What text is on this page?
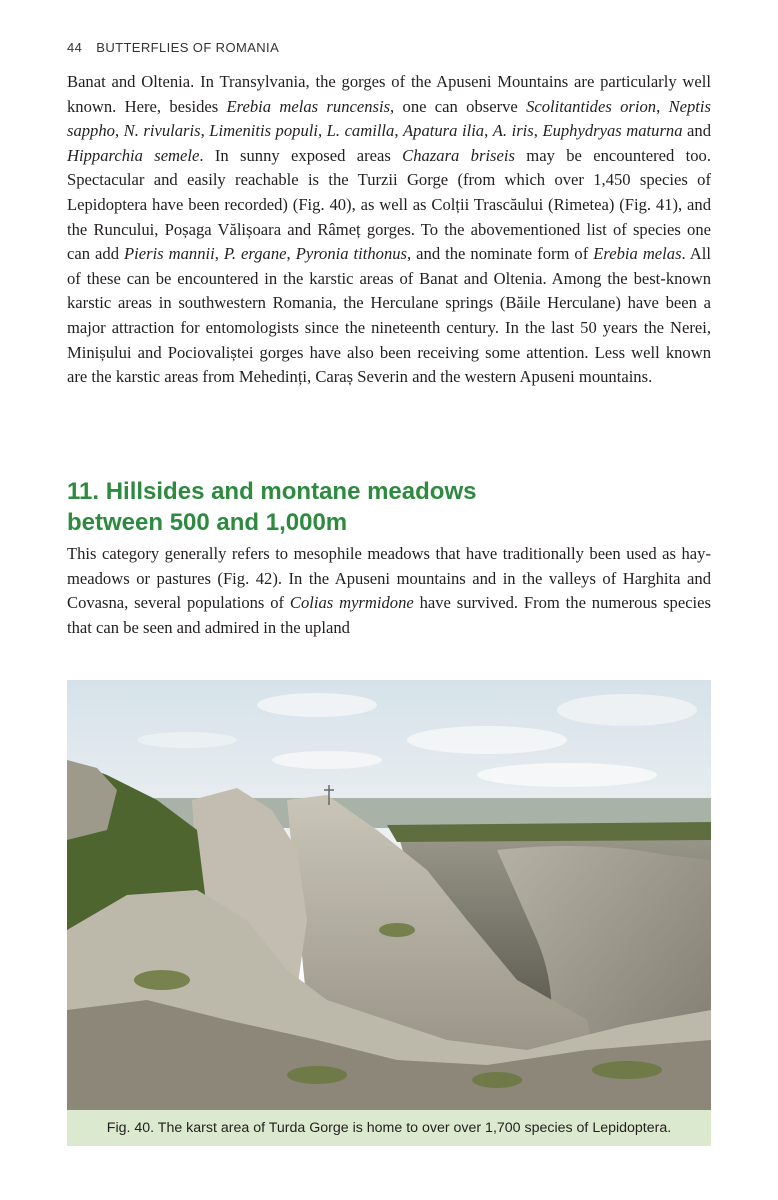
44 BUTTERFLIES OF ROMANIA

Banat and Oltenia. In Transylvania, the gorges of the Apuseni Mountains are particularly well known. Here, besides Erebia melas runcensis, one can observe Scolitantides orion, Neptis sappho, N. rivularis, Limenitis populi, L. camilla, Apatura ilia, A. iris, Euphydryas maturna and Hipparchia semele. In sunny exposed areas Chazara briseis may be encountered too. Spectacular and easily reachable is the Turzii Gorge (from which over 1,450 species of Lepidoptera have been recorded) (Fig. 40), as well as Colții Trascăului (Rimetea) (Fig. 41), and the Runcului, Poșaga Vălișoara and Râmeț gorges. To the abovementioned list of species one can add Pieris mannii, P. ergane, Pyronia tithonus, and the nominate form of Erebia melas. All of these can be encountered in the karstic areas of Banat and Oltenia. Among the best-known karstic areas in southwestern Romania, the Herculane springs (Băile Herculane) have been a major attraction for entomologists since the nineteenth century. In the last 50 years the Nerei, Minișului and Pociovaliștei gorges have also been receiving some attention. Less well known are the karstic areas from Mehedinți, Caraș Severin and the western Apuseni mountains.

11. Hillsides and montane meadows
between 500 and 1,000m

This category generally refers to mesophile meadows that have traditionally been used as hay-meadows or pastures (Fig. 42). In the Apuseni mountains and in the valleys of Harghita and Covasna, several populations of Colias myrmidone have survived. From the numerous species that can be seen and admired in the upland

Fig. 40. The karst area of Turda Gorge is home to over over 1,700 species of Lepidoptera.
